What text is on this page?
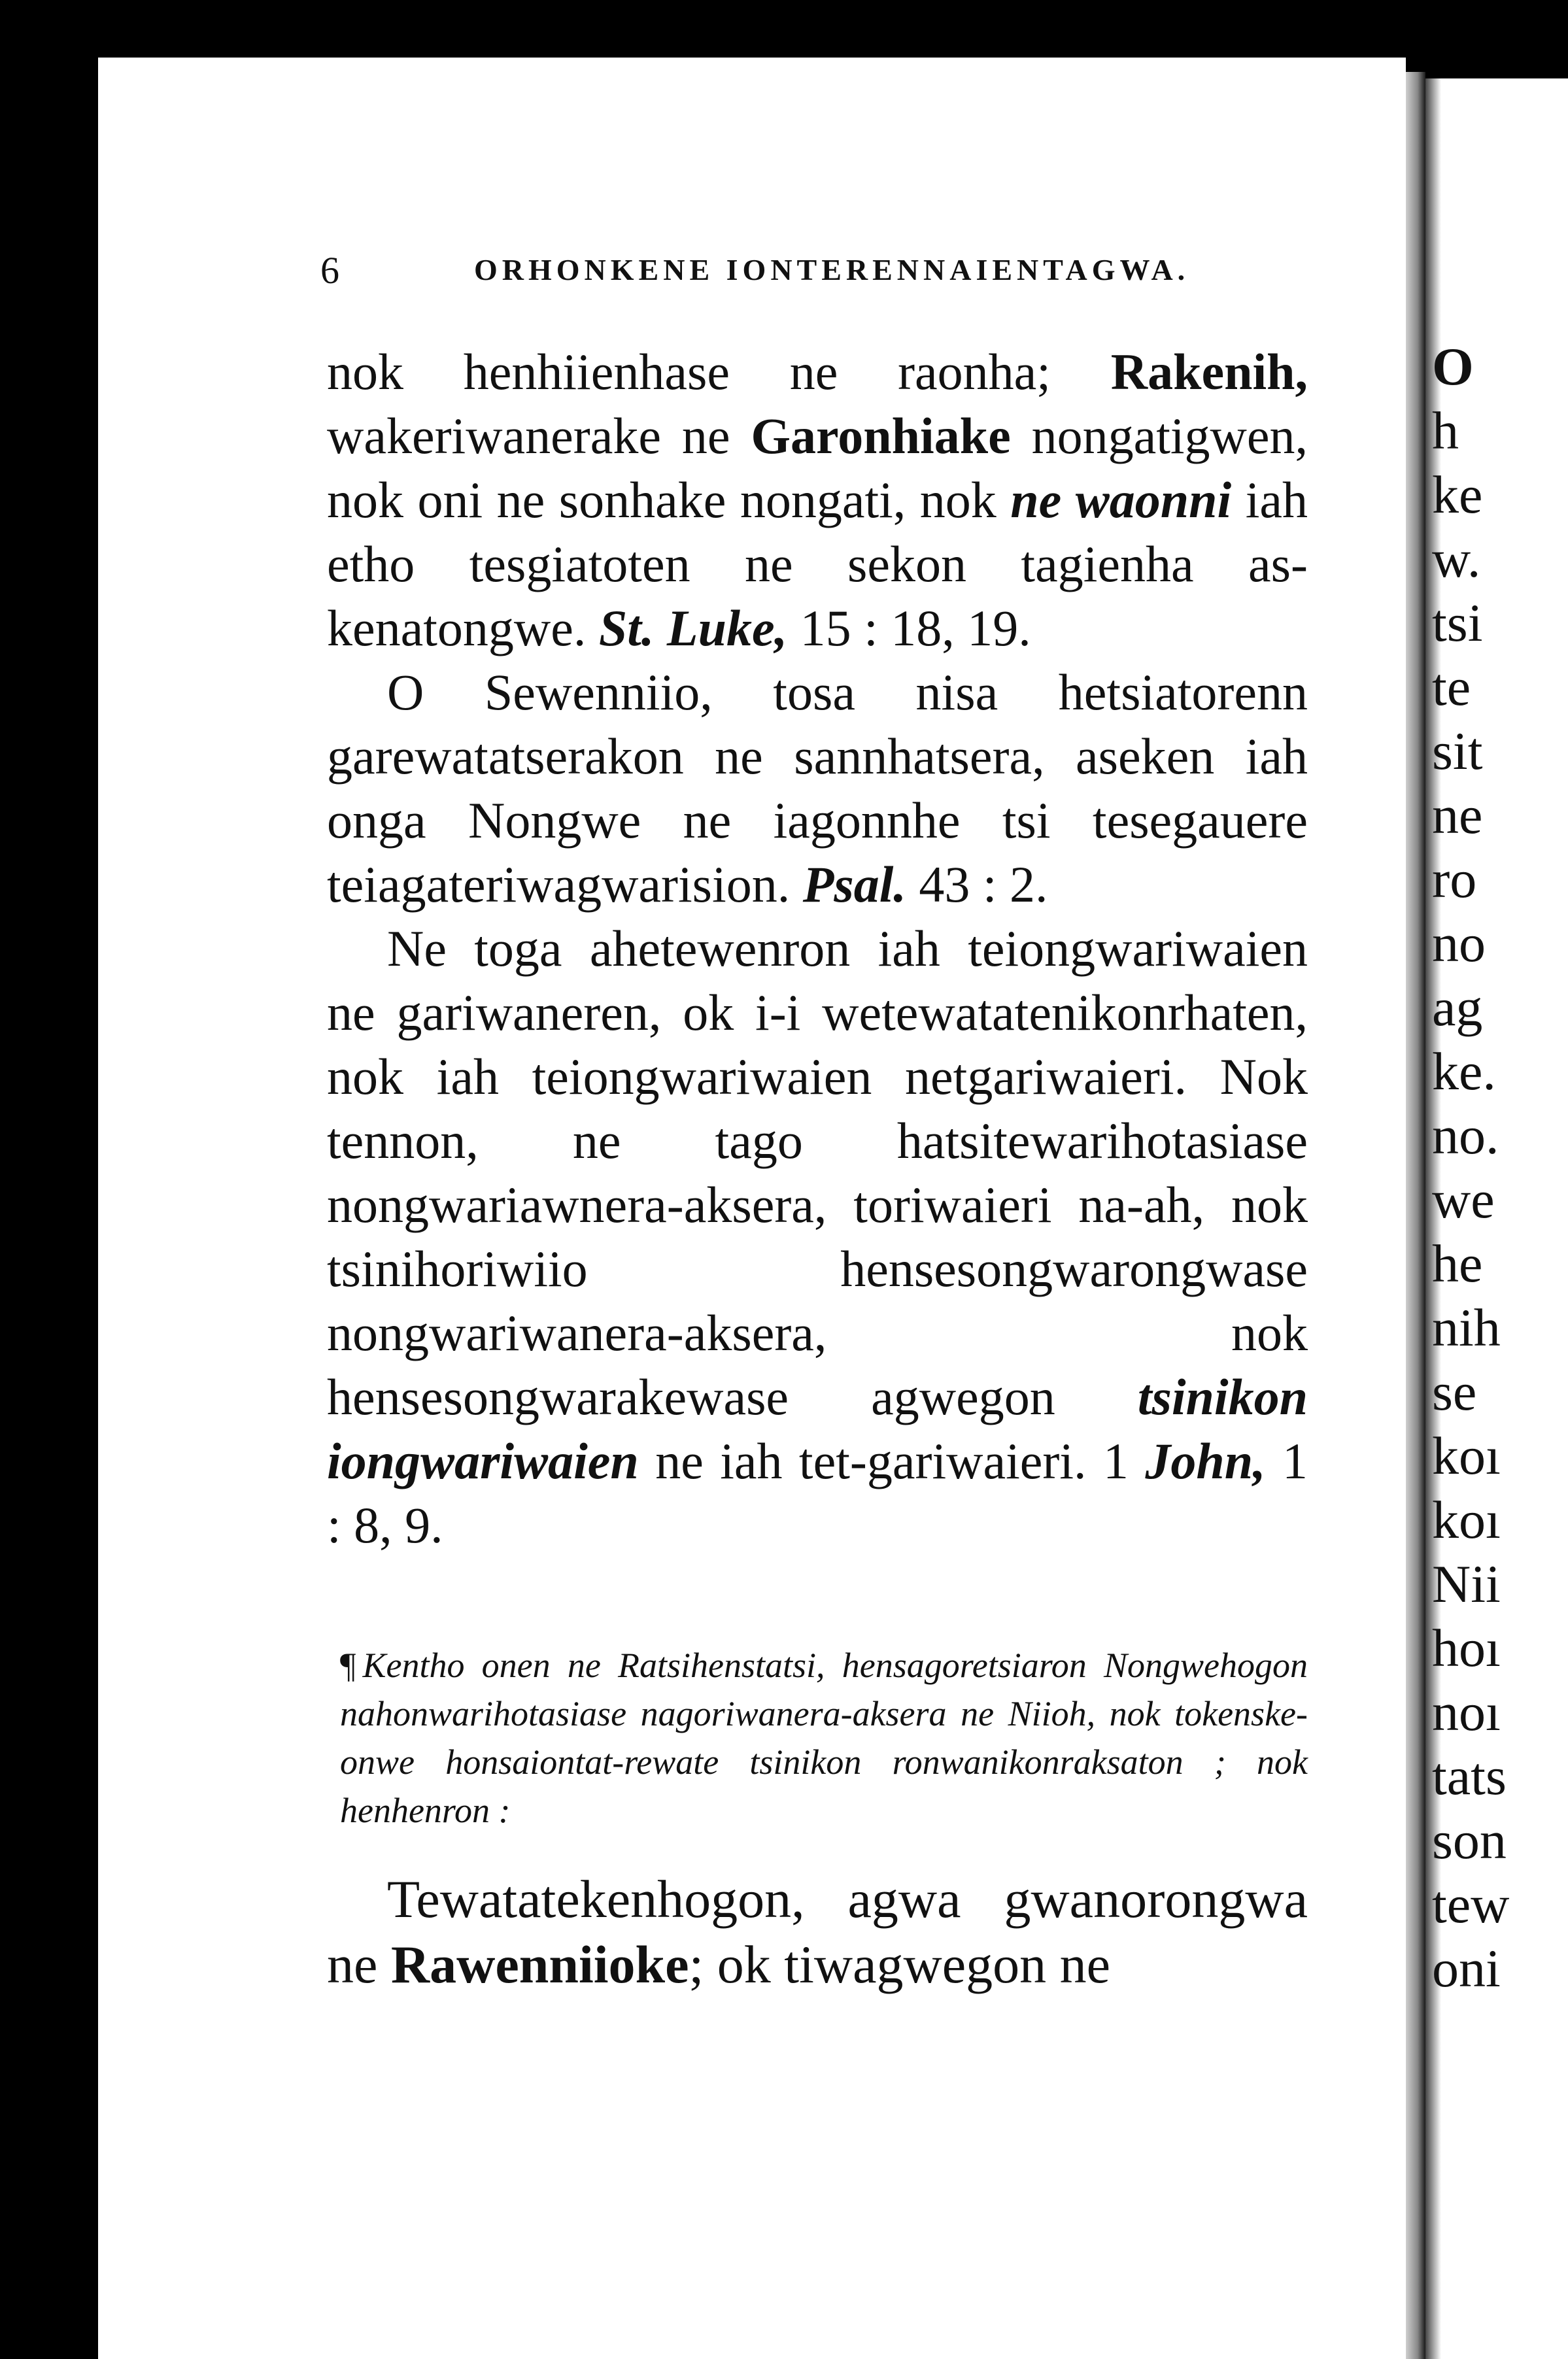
O
h
ke
w.
tsi
te
sit
ne
ro
no
ag
ke.
no.
we
he
nih
se
koı
koı
Nii
hoı
noı
tats
son
tew
oni
6	ORHONKENE IONTERENNAIENTAGWA.

nok henhiienhase ne raonha; Rakenih, wakeriwanerake ne Garonhiake nongatigwen, nok oni ne sonhake nongati, nok ne waonni iah etho tesgiatoten ne sekon tagienha as-kenatongwe. St. Luke, 15 : 18, 19.

O Sewenniio, tosa nisa hetsiatorenn garewatatserakon ne sannhatsera, aseken iah onga Nongwe ne iagonnhe tsi tesegauere teiagateriwagwarision. Psal. 43 : 2.

Ne toga ahetewenron iah teiongwariwaien ne gariwaneren, ok i-i wetewatatenikonrhaten, nok iah teiongwariwaien netgariwaieri. Nok tennon, ne tago hatsitewarihotasiase nongwariawnera-aksera, toriwaieri na-ah, nok tsinihoriwiio hensesongwarongwase nongwariwanera-aksera, nok hensesongwarakewase agwegon tsinikon iongwariwaien ne iah tet-gariwaieri. 1 John, 1 : 8, 9.

¶ Kentho onen ne Ratsihenstatsi, hensagoretsiaron Nongwehogon nahonwarihotasiase nagoriwanera-aksera ne Niioh, nok tokenske-onwe honsaiontat-rewate tsinikon ronwanikonraksaton ; nok henhenron :

Tewatatekenhogon, agwa gwanorongwa ne Rawenniioke; ok tiwagwegon ne
